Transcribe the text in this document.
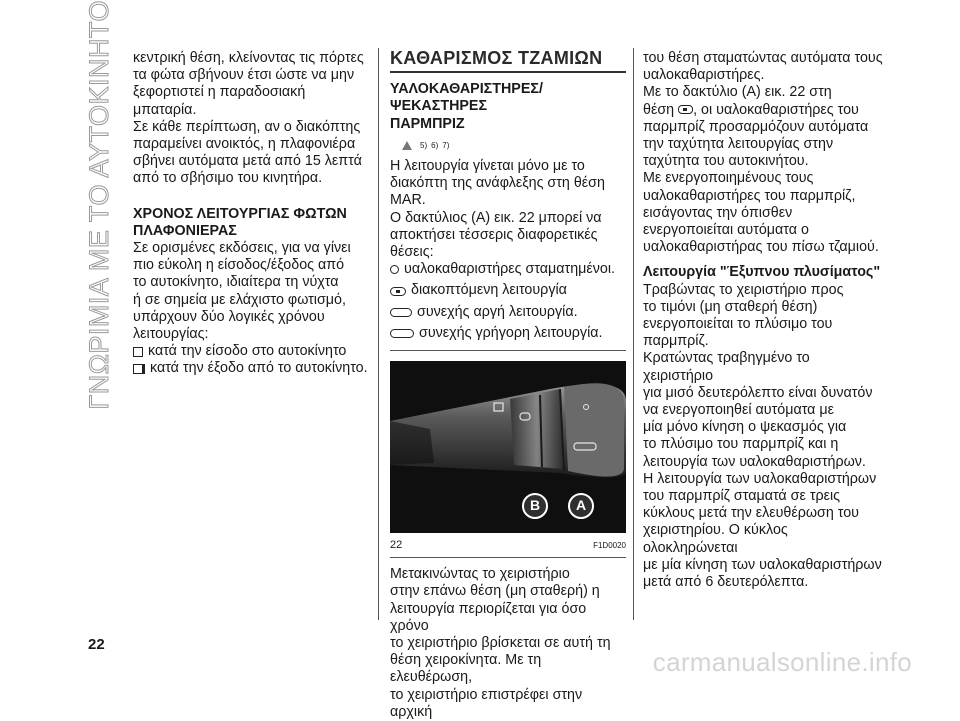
ΓΝΩΡΙΜΙΑ ΜΕ ΤΟ ΑΥΤΟΚΙΝΗΤΟ κεντρική θέση, κλείνοντας τις πόρτες

τα φώτα σβήνουν έτσι ώστε να μην

ξεφορτιστεί η παραδοσιακή μπαταρία.

Σε κάθε περίπτωση, αν ο διακόπτης

παραμείνει ανοικτός, η πλαφονιέρα

σβήνει αυτόματα μετά από 15 λεπτά

από το σβήσιμο του κινητήρα.

ΧΡΟΝΟΣ ΛΕΙΤΟΥΡΓΙΑΣ ΦΩΤΩΝ

ΠΛΑΦΟΝΙΕΡΑΣ

Σε ορισμένες εκδόσεις, για να γίνει

πιο εύκολη η είσοδος/έξοδος από

το αυτοκίνητο, ιδιαίτερα τη νύχτα

ή σε σημεία με ελάχιστο φωτισμό,

υπάρχουν δύο λογικές χρόνου

λειτουργίας:

κατά την είσοδο στο αυτοκίνητο
κατά την έξοδο από το αυτοκίνητο.
ΚΑΘΑΡΙΣΜΟΣ ΤΖΑΜΙΩΝ

ΥΑΛΟΚΑΘΑΡΙΣΤΗΡΕΣ/ΨΕΚΑΣΤΗΡΕΣ

ΠΑΡΜΠΡΙΖ

5) 6) 7)

Η λειτουργία γίνεται μόνο με το

διακόπτη της ανάφλεξης στη θέση

MAR.

Ο δακτύλιος (A) εικ. 22 μπορεί να

αποκτήσει τέσσερις διαφορετικές

θέσεις:

υαλοκαθαριστήρες σταματημένοι.
διακοπτόμενη λειτουργία
συνεχής αργή λειτουργία.
συνεχής γρήγορη λειτουργία.
B	A
22	F1D0020

Μετακινώντας το χειριστήριο

στην επάνω θέση (μη σταθερή) η

λειτουργία περιορίζεται για όσο χρόνο

το χειριστήριο βρίσκεται σε αυτή τη

θέση χειροκίνητα. Με τη ελευθέρωση,

το χειριστήριο επιστρέφει στην αρχική

του θέση σταματώντας αυτόματα τους

υαλοκαθαριστήρες.

Με το δακτύλιο (A) εικ. 22 στη

θέση , οι υαλοκαθαριστήρες του

παρμπρίζ προσαρμόζουν αυτόματα

την ταχύτητα λειτουργίας στην

ταχύτητα του αυτοκινήτου.

Με ενεργοποιημένους τους

υαλοκαθαριστήρες του παρμπρίζ,

εισάγοντας την όπισθεν

ενεργοποιείται αυτόματα ο

υαλοκαθαριστήρας του πίσω τζαμιού.

Λειτουργία "Έξυπνου πλυσίματος"

Τραβώντας το χειριστήριο προς

το τιμόνι (μη σταθερή θέση)

ενεργοποιείται το πλύσιμο του

παρμπρίζ.

Κρατώντας τραβηγμένο το χειριστήριο

για μισό δευτερόλεπτο είναι δυνατόν

να ενεργοποιηθεί αυτόματα με

μία μόνο κίνηση ο ψεκασμός για

το πλύσιμο του παρμπρίζ και η

λειτουργία των υαλοκαθαριστήρων.

Η λειτουργία των υαλοκαθαριστήρων

του παρμπρίζ σταματά σε τρεις

κύκλους μετά την ελευθέρωση του

χειριστηρίου. Ο κύκλος ολοκληρώνεται

με μία κίνηση των υαλοκαθαριστήρων

μετά από 6 δευτερόλεπτα.

22
carmanualsonline.info
